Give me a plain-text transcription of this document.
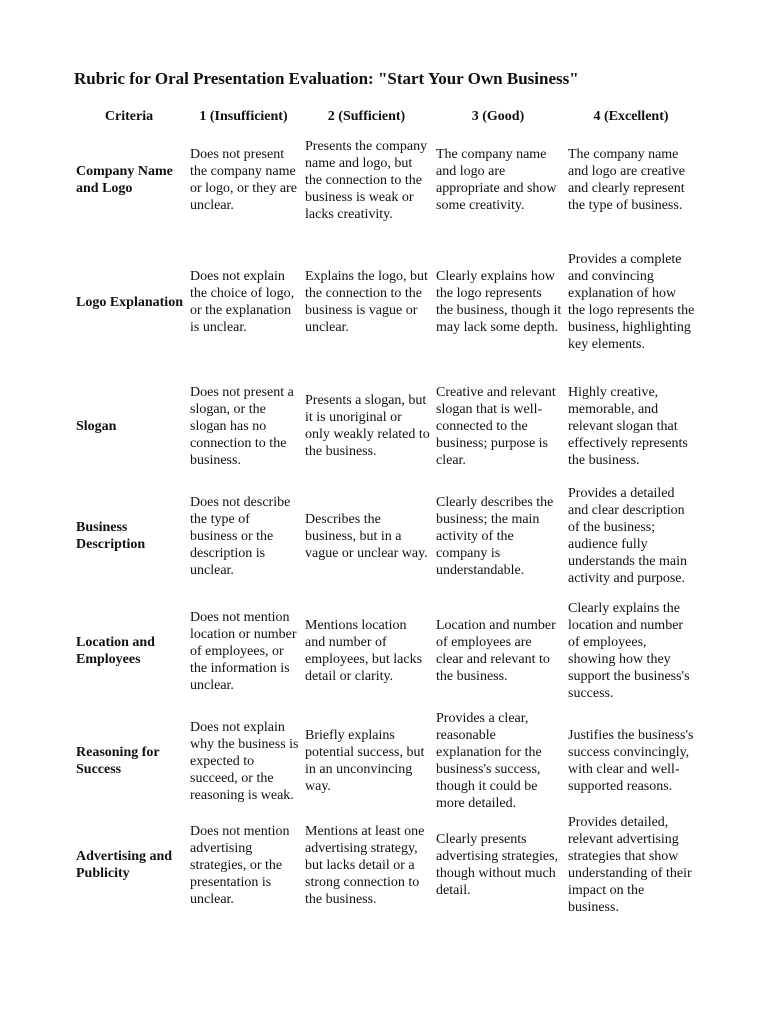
Rubric for Oral Presentation Evaluation: "Start Your Own Business"
Criteria	1 (Insufficient)	2 (Sufficient)	3 (Good)	4 (Excellent)
Company Name and Logo	Does not present the company name or logo, or they are unclear.	Presents the company name and logo, but the connection to the business is weak or lacks creativity.	The company name and logo are appropriate and show some creativity.	The company name and logo are creative and clearly represent the type of business.
Logo Explanation	Does not explain the choice of logo, or the explanation is unclear.	Explains the logo, but the connection to the business is vague or unclear.	Clearly explains how the logo represents the business, though it may lack some depth.	Provides a complete and convincing explanation of how the logo represents the business, highlighting key elements.
Slogan	Does not present a slogan, or the slogan has no connection to the business.	Presents a slogan, but it is unoriginal or only weakly related to the business.	Creative and relevant slogan that is well-connected to the business; purpose is clear.	Highly creative, memorable, and relevant slogan that effectively represents the business.
Business Description	Does not describe the type of business or the description is unclear.	Describes the business, but in a vague or unclear way.	Clearly describes the business; the main activity of the company is understandable.	Provides a detailed and clear description of the business; audience fully understands the main activity and purpose.
Location and Employees	Does not mention location or number of employees, or the information is unclear.	Mentions location and number of employees, but lacks detail or clarity.	Location and number of employees are clear and relevant to the business.	Clearly explains the location and number of employees, showing how they support the business's success.
Reasoning for Success	Does not explain why the business is expected to succeed, or the reasoning is weak.	Briefly explains potential success, but in an unconvincing way.	Provides a clear, reasonable explanation for the business's success, though it could be more detailed.	Justifies the business's success convincingly, with clear and well-supported reasons.
Advertising and Publicity	Does not mention advertising strategies, or the presentation is unclear.	Mentions at least one advertising strategy, but lacks detail or a strong connection to the business.	Clearly presents advertising strategies, though without much detail.	Provides detailed, relevant advertising strategies that show understanding of their impact on the business.
